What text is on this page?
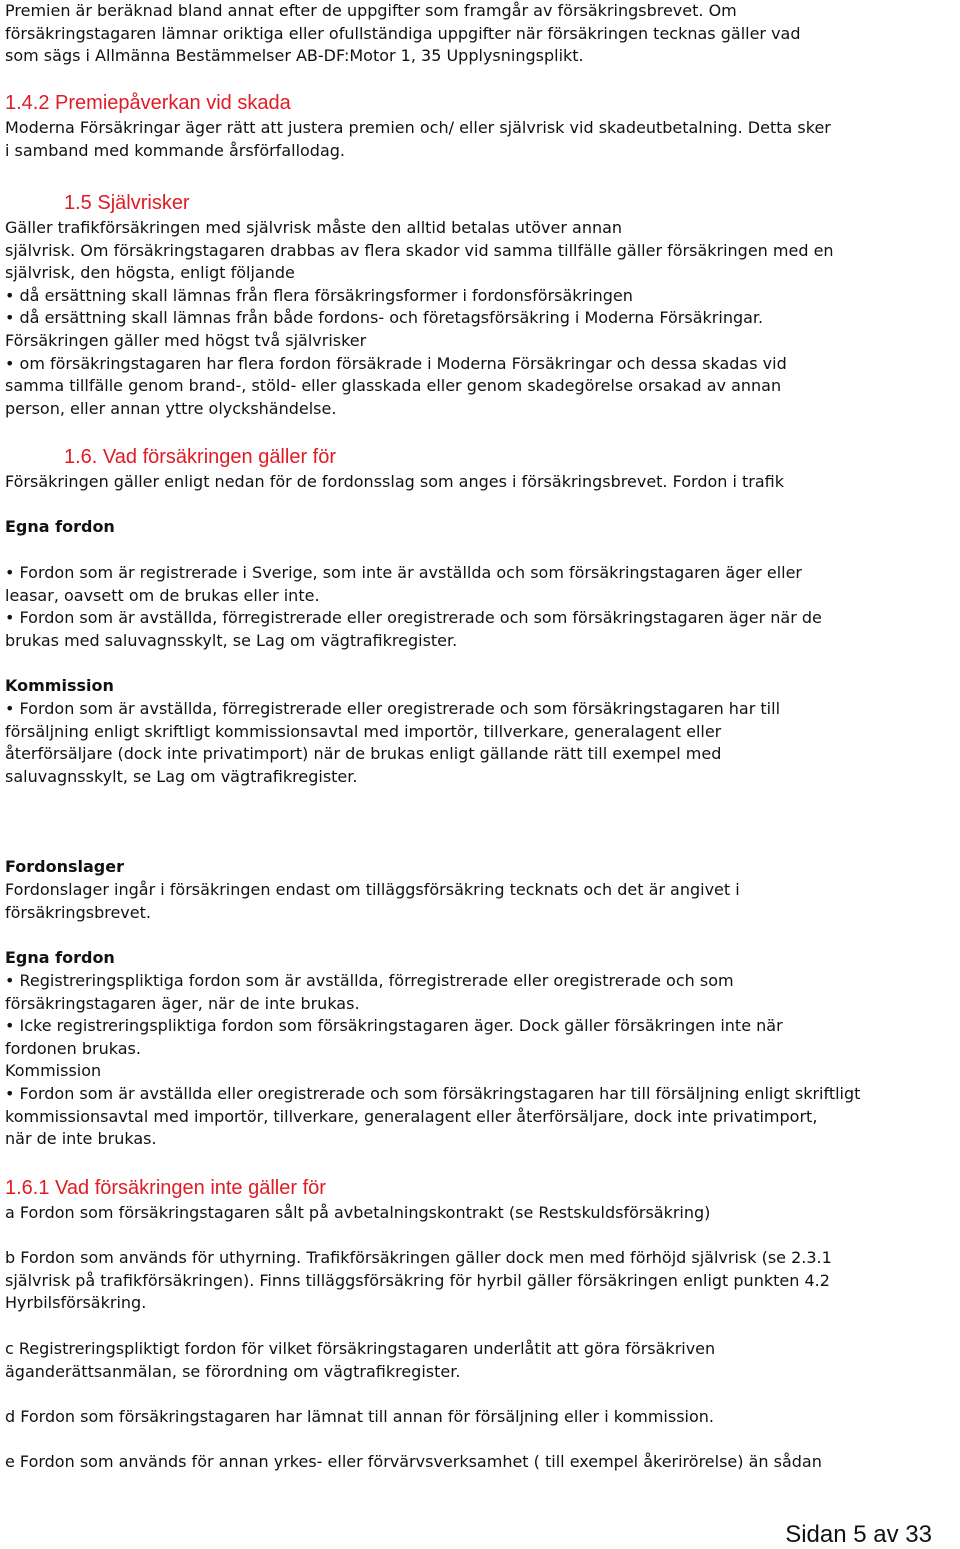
Premien är beräknad bland annat efter de uppgifter som framgår av försäkringsbrevet. Om
försäkringstagaren lämnar oriktiga eller ofullständiga uppgifter när försäkringen tecknas gäller vad
som sägs i Allmänna Bestämmelser AB-DF:Motor 1, 35 Upplysningsplikt.
1.4.2 Premiepåverkan vid skada
Moderna Försäkringar äger rätt att justera premien och/ eller självrisk vid skadeutbetalning. Detta sker
i samband med kommande årsförfallodag.
1.5 Självrisker
Gäller trafikförsäkringen med självrisk måste den alltid betalas utöver annan
självrisk. Om försäkringstagaren drabbas av flera skador vid samma tillfälle gäller försäkringen med en
självrisk, den högsta, enligt följande
• då ersättning skall lämnas från flera försäkringsformer i fordonsförsäkringen
• då ersättning skall lämnas från både fordons- och företagsförsäkring i Moderna Försäkringar.
Försäkringen gäller med högst två självrisker
• om försäkringstagaren har flera fordon försäkrade i Moderna Försäkringar och dessa skadas vid
samma tillfälle genom brand-, stöld- eller glasskada eller genom skadegörelse orsakad av annan
person, eller annan yttre olyckshändelse.
1.6. Vad försäkringen gäller för
Försäkringen gäller enligt nedan för de fordonsslag som anges i försäkringsbrevet. Fordon i trafik
Egna fordon
• Fordon som är registrerade i Sverige, som inte är avställda och som försäkringstagaren äger eller
leasar, oavsett om de brukas eller inte.
• Fordon som är avställda, förregistrerade eller oregistrerade och som försäkringstagaren äger när de
brukas med saluvagnsskylt, se Lag om vägtrafikregister.
Kommission
• Fordon som är avställda, förregistrerade eller oregistrerade och som försäkringstagaren har till
försäljning enligt skriftligt kommissionsavtal med importör, tillverkare, generalagent eller
återförsäljare (dock inte privatimport) när de brukas enligt gällande rätt till exempel med
saluvagnsskylt, se Lag om vägtrafikregister.
Fordonslager
Fordonslager ingår i försäkringen endast om tilläggsförsäkring tecknats och det är angivet i
försäkringsbrevet.
Egna fordon
• Registreringspliktiga fordon som är avställda, förregistrerade eller oregistrerade och som
försäkringstagaren äger, när de inte brukas.
• Icke registreringspliktiga fordon som försäkringstagaren äger. Dock gäller försäkringen inte när
fordonen brukas.
Kommission
• Fordon som är avställda eller oregistrerade och som försäkringstagaren har till försäljning enligt skriftligt
kommissionsavtal med importör, tillverkare, generalagent eller återförsäljare, dock inte privatimport,
när de inte brukas.
1.6.1 Vad försäkringen inte gäller för
a Fordon som försäkringstagaren sålt på avbetalningskontrakt (se Restskuldsförsäkring)
b Fordon som används för uthyrning. Trafikförsäkringen gäller dock men med förhöjd självrisk (se 2.3.1
självrisk på trafikförsäkringen). Finns tilläggsförsäkring för hyrbil gäller försäkringen enligt punkten 4.2
Hyrbilsförsäkring.
c Registreringspliktigt fordon för vilket försäkringstagaren underlåtit att göra försäkriven
äganderättsanmälan, se förordning om vägtrafikregister.
d Fordon som försäkringstagaren har lämnat till annan för försäljning eller i kommission.
e Fordon som används för annan yrkes- eller förvärvsverksamhet ( till exempel åkerirörelse) än sådan
Sidan 5 av 33
